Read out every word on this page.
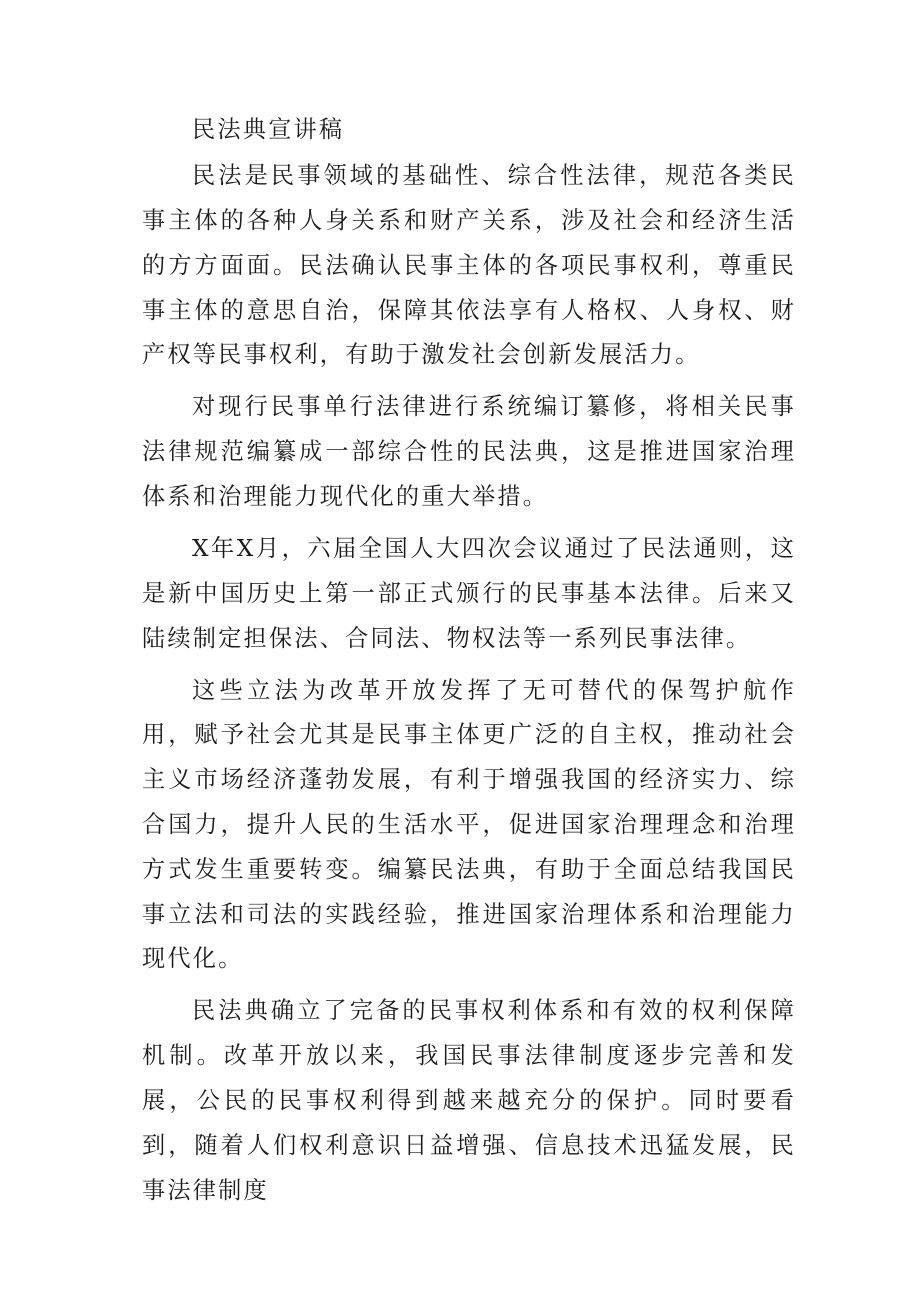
民法典宣讲稿

民法是民事领域的基础性、综合性法律，规范各类民事主体的各种人身关系和财产关系，涉及社会和经济生活的方方面面。民法确认民事主体的各项民事权利，尊重民事主体的意思自治，保障其依法享有人格权、人身权、财产权等民事权利，有助于激发社会创新发展活力。

对现行民事单行法律进行系统编订纂修，将相关民事法律规范编纂成一部综合性的民法典，这是推进国家治理体系和治理能力现代化的重大举措。

X年X月，六届全国人大四次会议通过了民法通则，这是新中国历史上第一部正式颁行的民事基本法律。后来又陆续制定担保法、合同法、物权法等一系列民事法律。

这些立法为改革开放发挥了无可替代的保驾护航作用，赋予社会尤其是民事主体更广泛的自主权，推动社会主义市场经济蓬勃发展，有利于增强我国的经济实力、综合国力，提升人民的生活水平，促进国家治理理念和治理方式发生重要转变。编纂民法典，有助于全面总结我国民事立法和司法的实践经验，推进国家治理体系和治理能力现代化。

民法典确立了完备的民事权利体系和有效的权利保障机制。改革开放以来，我国民事法律制度逐步完善和发展，公民的民事权利得到越来越充分的保护。同时要看到，随着人们权利意识日益增强、信息技术迅猛发展，民事法律制度
